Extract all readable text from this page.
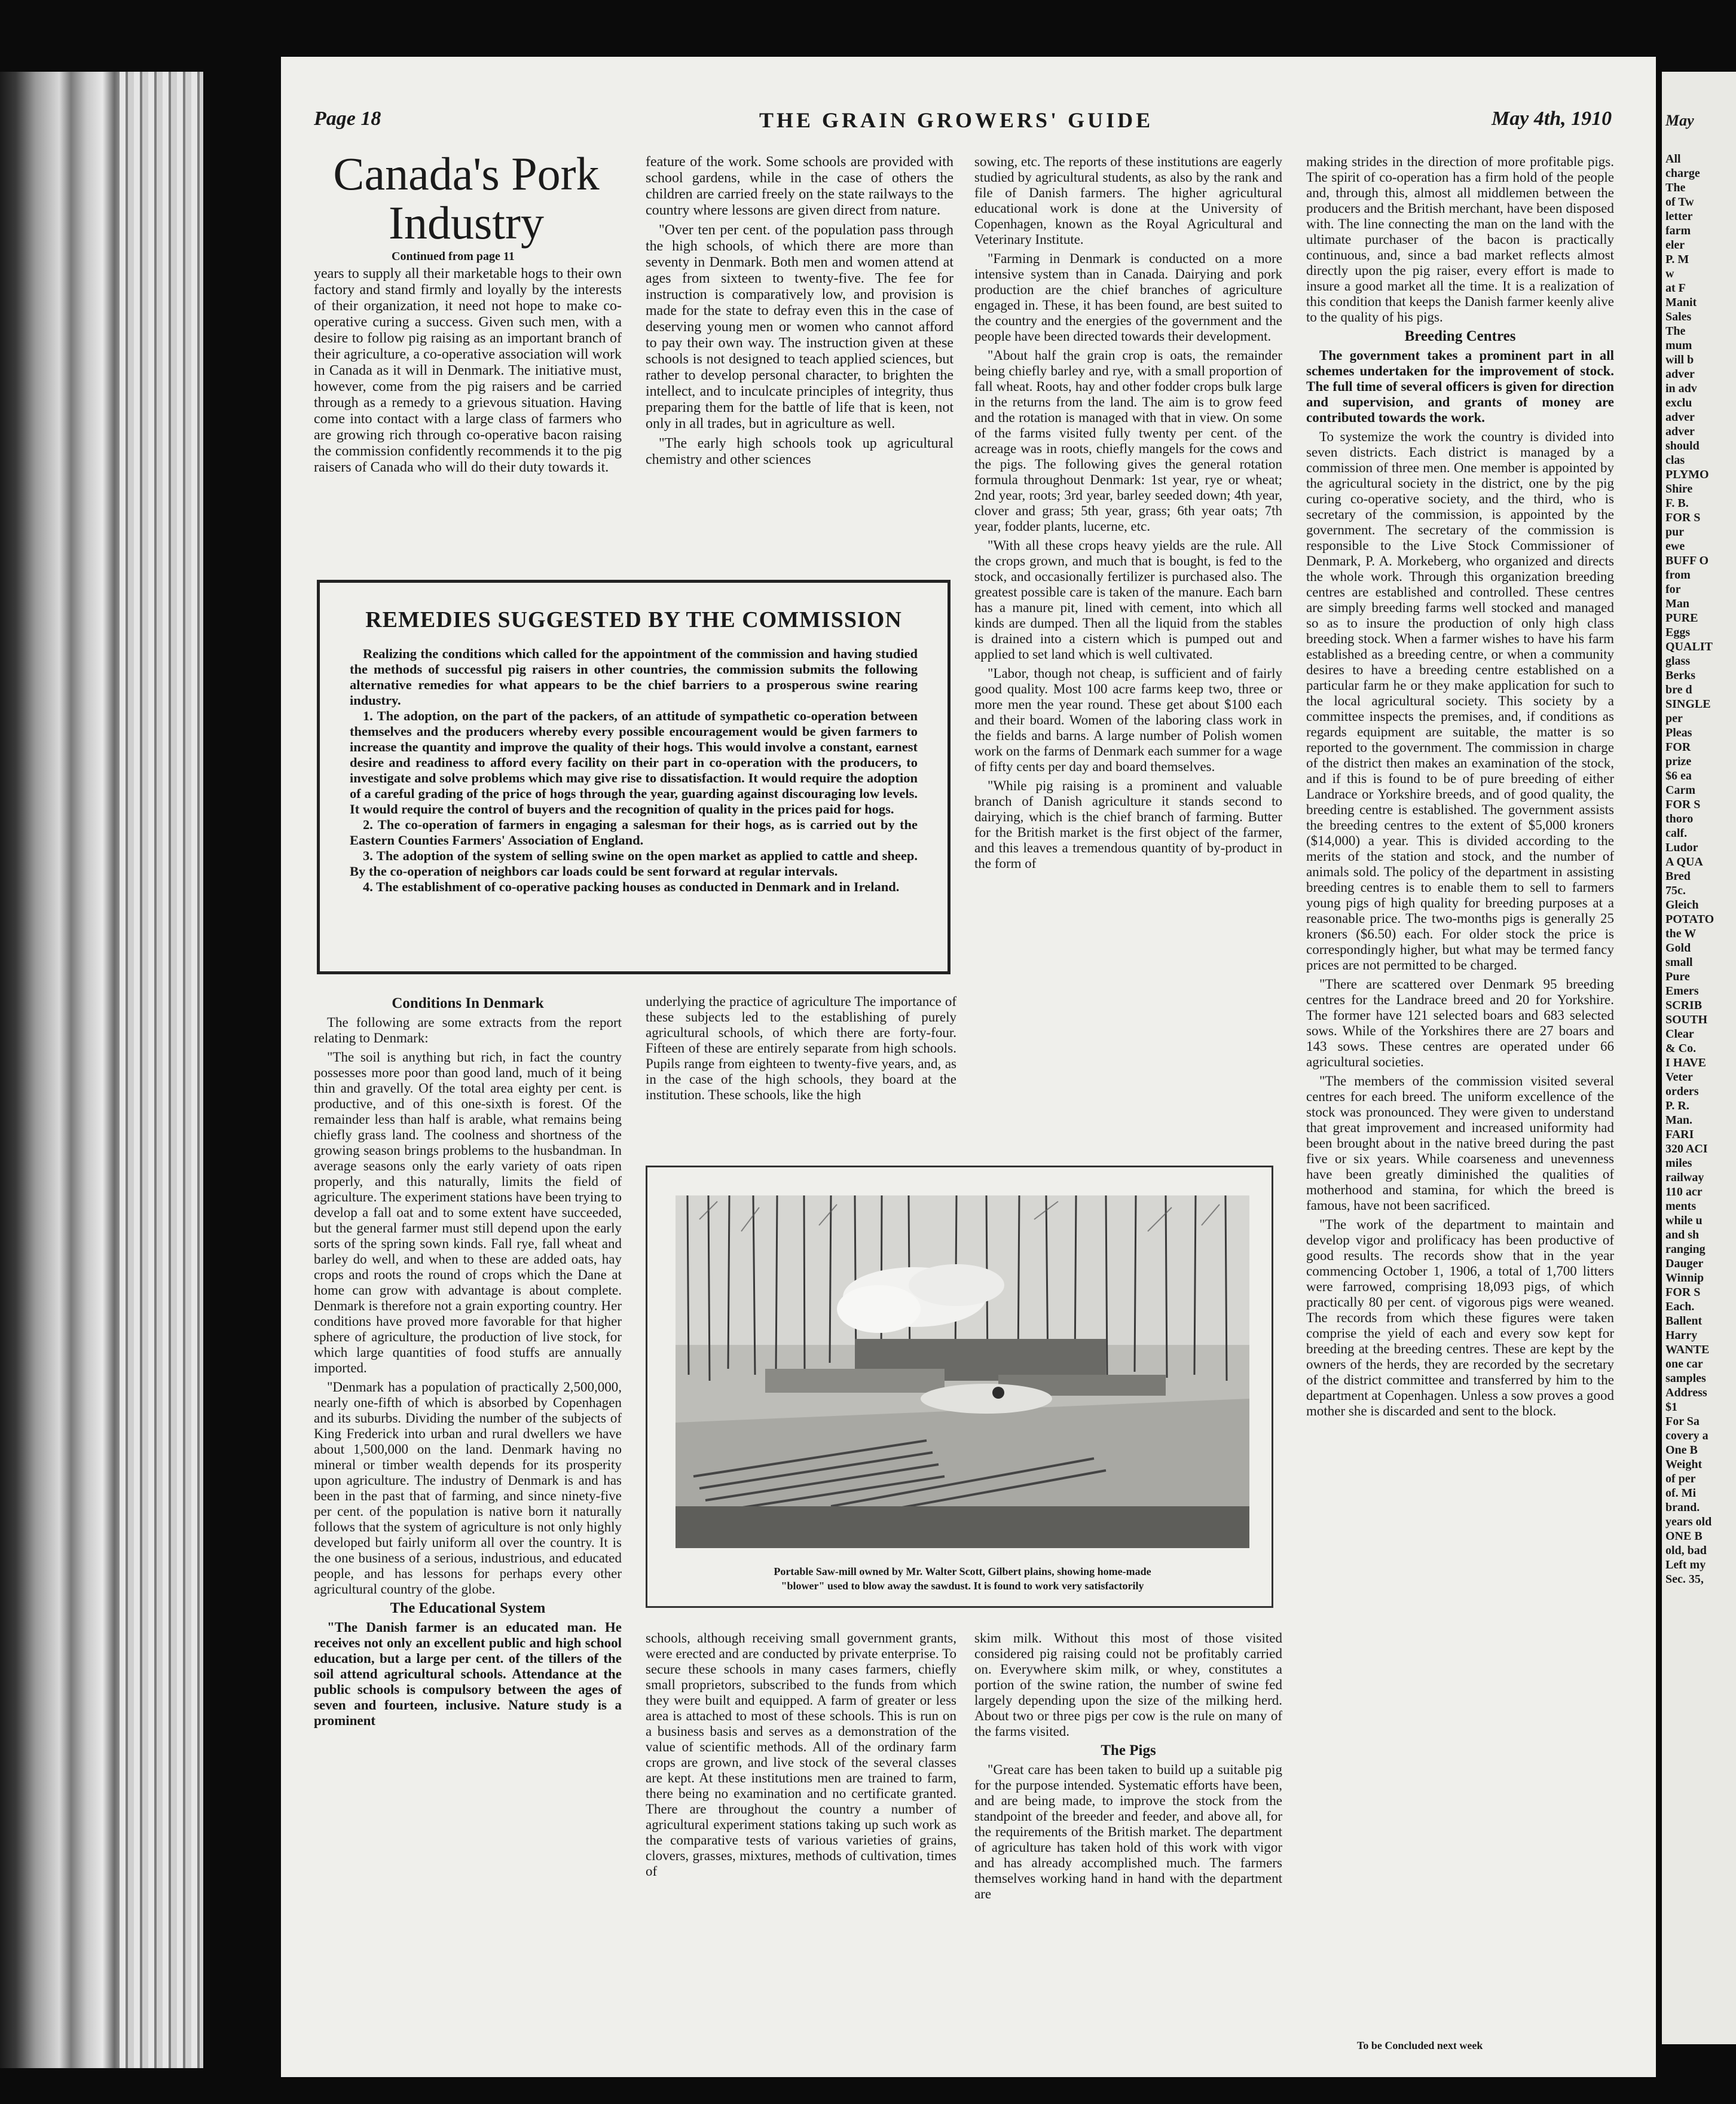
May
All
charge
The
of Tw
letter
farm
eler
P. M
w
at F
Manit
Sales
The
mum
will b
adver
in adv
exclu
adver
adver
should
clas
PLYMO
Shire
F. B.
FOR S
pur
ewe
BUFF O
from
for
Man
PURE
Eggs
QUALIT
glass
Berks
bre d
SINGLE
per
Pleas
FOR
prize
$6 ea
Carm
FOR S
thoro
calf.
Ludor
A QUA
Bred
75c.
Gleich
POTATO
the W
Gold
small
Pure
Emers
SCRIB
SOUTH
Clear
& Co.
I HAVE
Veter
orders
P. R.
Man.
FARI
320 ACI
miles
railway
110 acr
ments
while u
and sh
ranging
Dauger
Winnip
FOR S
Each.
Ballent
Harry
WANTE
one car
samples
Address
$1
For Sa
covery a
One B
Weight
of per
of. Mi
brand.
years old
ONE B
old, bad
Left my
Sec. 35,
Page 18	THE GRAIN GROWERS' GUIDE	May 4th, 1910
Canada's Pork Industry
Continued from page 11

years to supply all their marketable hogs to their own factory and stand firmly and loyally by the interests of their organization, it need not hope to make co-operative curing a success. Given such men, with a desire to follow pig raising as an important branch of their agriculture, a co-operative association will work in Canada as it will in Denmark. The initiative must, however, come from the pig raisers and be carried through as a remedy to a grievous situation. Having come into contact with a large class of farmers who are growing rich through co-operative bacon raising the commission confidently recommends it to the pig raisers of Canada who will do their duty towards it.

feature of the work. Some schools are provided with school gardens, while in the case of others the children are carried freely on the state railways to the country where lessons are given direct from nature.

"Over ten per cent. of the population pass through the high schools, of which there are more than seventy in Denmark. Both men and women attend at ages from sixteen to twenty-five. The fee for instruction is comparatively low, and provision is made for the state to defray even this in the case of deserving young men or women who cannot afford to pay their own way. The instruction given at these schools is not designed to teach applied sciences, but rather to develop personal character, to brighten the intellect, and to inculcate principles of integrity, thus preparing them for the battle of life that is keen, not only in all trades, but in agriculture as well.

"The early high schools took up agricultural chemistry and other sciences

sowing, etc. The reports of these institutions are eagerly studied by agricultural students, as also by the rank and file of Danish farmers. The higher agricultural educational work is done at the University of Copenhagen, known as the Royal Agricultural and Veterinary Institute.

"Farming in Denmark is conducted on a more intensive system than in Canada. Dairying and pork production are the chief branches of agriculture engaged in. These, it has been found, are best suited to the country and the energies of the government and the people have been directed towards their development.

"About half the grain crop is oats, the remainder being chiefly barley and rye, with a small proportion of fall wheat. Roots, hay and other fodder crops bulk large in the returns from the land. The aim is to grow feed and the rotation is managed with that in view. On some of the farms visited fully twenty per cent. of the acreage was in roots, chiefly mangels for the cows and the pigs. The following gives the general rotation formula throughout Denmark: 1st year, rye or wheat; 2nd year, roots; 3rd year, barley seeded down; 4th year, clover and grass; 5th year, grass; 6th year oats; 7th year, fodder plants, lucerne, etc.

"With all these crops heavy yields are the rule. All the crops grown, and much that is bought, is fed to the stock, and occasionally fertilizer is purchased also. The greatest possible care is taken of the manure. Each barn has a manure pit, lined with cement, into which all kinds are dumped. Then all the liquid from the stables is drained into a cistern which is pumped out and applied to set land which is well cultivated.

"Labor, though not cheap, is sufficient and of fairly good quality. Most 100 acre farms keep two, three or more men the year round. These get about $100 each and their board. Women of the laboring class work in the fields and barns. A large number of Polish women work on the farms of Denmark each summer for a wage of fifty cents per day and board themselves.

"While pig raising is a prominent and valuable branch of Danish agriculture it stands second to dairying, which is the chief branch of farming. Butter for the British market is the first object of the farmer, and this leaves a tremendous quantity of by-product in the form of

making strides in the direction of more profitable pigs. The spirit of co-operation has a firm hold of the people and, through this, almost all middlemen between the producers and the British merchant, have been disposed with. The line connecting the man on the land with the ultimate purchaser of the bacon is practically continuous, and, since a bad market reflects almost directly upon the pig raiser, every effort is made to insure a good market all the time. It is a realization of this condition that keeps the Danish farmer keenly alive to the quality of his pigs.

Breeding Centres

The government takes a prominent part in all schemes undertaken for the improvement of stock. The full time of several officers is given for direction and supervision, and grants of money are contributed towards the work.

To systemize the work the country is divided into seven districts. Each district is managed by a commission of three men. One member is appointed by the agricultural society in the district, one by the pig curing co-operative society, and the third, who is secretary of the commission, is appointed by the government. The secretary of the commission is responsible to the Live Stock Commissioner of Denmark, P. A. Morkeberg, who organized and directs the whole work. Through this organization breeding centres are established and controlled. These centres are simply breeding farms well stocked and managed so as to insure the production of only high class breeding stock. When a farmer wishes to have his farm established as a breeding centre, or when a community desires to have a breeding centre established on a particular farm he or they make application for such to the local agricultural society. This society by a committee inspects the premises, and, if conditions as regards equipment are suitable, the matter is so reported to the government. The commission in charge of the district then makes an examination of the stock, and if this is found to be of pure breeding of either Landrace or Yorkshire breeds, and of good quality, the breeding centre is established. The government assists the breeding centres to the extent of $5,000 kroners ($14,000) a year. This is divided according to the merits of the station and stock, and the number of animals sold. The policy of the department in assisting breeding centres is to enable them to sell to farmers young pigs of high quality for breeding purposes at a reasonable price. The two-months pigs is generally 25 kroners ($6.50) each. For older stock the price is correspondingly higher, but what may be termed fancy prices are not permitted to be charged.

"There are scattered over Denmark 95 breeding centres for the Landrace breed and 20 for Yorkshire. The former have 121 selected boars and 683 selected sows. While of the Yorkshires there are 27 boars and 143 sows. These centres are operated under 66 agricultural societies.

"The members of the commission visited several centres for each breed. The uniform excellence of the stock was pronounced. They were given to understand that great improvement and increased uniformity had been brought about in the native breed during the past five or six years. While coarseness and unevenness have been greatly diminished the qualities of motherhood and stamina, for which the breed is famous, have not been sacrificed.

"The work of the department to maintain and develop vigor and prolificacy has been productive of good results. The records show that in the year commencing October 1, 1906, a total of 1,700 litters were farrowed, comprising 18,093 pigs, of which practically 80 per cent. of vigorous pigs were weaned. The records from which these figures were taken comprise the yield of each and every sow kept for breeding at the breeding centres. These are kept by the owners of the herds, they are recorded by the secretary of the district committee and transferred by him to the department at Copenhagen. Unless a sow proves a good mother she is discarded and sent to the block.

REMEDIES SUGGESTED BY THE COMMISSION

Realizing the conditions which called for the appointment of the commission and having studied the methods of successful pig raisers in other countries, the commission submits the following alternative remedies for what appears to be the chief barriers to a prosperous swine rearing industry.

1. The adoption, on the part of the packers, of an attitude of sympathetic co-operation between themselves and the producers whereby every possible encouragement would be given farmers to increase the quantity and improve the quality of their hogs. This would involve a constant, earnest desire and readiness to afford every facility on their part in co-operation with the producers, to investigate and solve problems which may give rise to dissatisfaction. It would require the adoption of a careful grading of the price of hogs through the year, guarding against discouraging low levels. It would require the control of buyers and the recognition of quality in the prices paid for hogs.

2. The co-operation of farmers in engaging a salesman for their hogs, as is carried out by the Eastern Counties Farmers' Association of England.

3. The adoption of the system of selling swine on the open market as applied to cattle and sheep. By the co-operation of neighbors car loads could be sent forward at regular intervals.

4. The establishment of co-operative packing houses as conducted in Denmark and in Ireland.

Conditions In Denmark

The following are some extracts from the report relating to Denmark:

"The soil is anything but rich, in fact the country possesses more poor than good land, much of it being thin and gravelly. Of the total area eighty per cent. is productive, and of this one-sixth is forest. Of the remainder less than half is arable, what remains being chiefly grass land. The coolness and shortness of the growing season brings problems to the husbandman. In average seasons only the early variety of oats ripen properly, and this naturally, limits the field of agriculture. The experiment stations have been trying to develop a fall oat and to some extent have succeeded, but the general farmer must still depend upon the early sorts of the spring sown kinds. Fall rye, fall wheat and barley do well, and when to these are added oats, hay crops and roots the round of crops which the Dane at home can grow with advantage is about complete. Denmark is therefore not a grain exporting country. Her conditions have proved more favorable for that higher sphere of agriculture, the production of live stock, for which large quantities of food stuffs are annually imported.

"Denmark has a population of practically 2,500,000, nearly one-fifth of which is absorbed by Copenhagen and its suburbs. Dividing the number of the subjects of King Frederick into urban and rural dwellers we have about 1,500,000 on the land. Denmark having no mineral or timber wealth depends for its prosperity upon agriculture. The industry of Denmark is and has been in the past that of farming, and since ninety-five per cent. of the population is native born it naturally follows that the system of agriculture is not only highly developed but fairly uniform all over the country. It is the one business of a serious, industrious, and educated people, and has lessons for perhaps every other agricultural country of the globe.

The Educational System

"The Danish farmer is an educated man. He receives not only an excellent public and high school education, but a large per cent. of the tillers of the soil attend agricultural schools. Attendance at the public schools is compulsory between the ages of seven and fourteen, inclusive. Nature study is a prominent

underlying the practice of agriculture The importance of these subjects led to the establishing of purely agricultural schools, of which there are forty-four. Fifteen of these are entirely separate from high schools. Pupils range from eighteen to twenty-five years, and, as in the case of the high schools, they board at the institution. These schools, like the high

Portable Saw-mill owned by Mr. Walter Scott, Gilbert plains, showing home-made
"blower" used to blow away the sawdust. It is found to work very satisfactorily

schools, although receiving small government grants, were erected and are conducted by private enterprise. To secure these schools in many cases farmers, chiefly small proprietors, subscribed to the funds from which they were built and equipped. A farm of greater or less area is attached to most of these schools. This is run on a business basis and serves as a demonstration of the value of scientific methods. All of the ordinary farm crops are grown, and live stock of the several classes are kept. At these institutions men are trained to farm, there being no examination and no certificate granted. There are throughout the country a number of agricultural experiment stations taking up such work as the comparative tests of various varieties of grains, clovers, grasses, mixtures, methods of cultivation, times of

skim milk. Without this most of those visited considered pig raising could not be profitably carried on. Everywhere skim milk, or whey, constitutes a portion of the swine ration, the number of swine fed largely depending upon the size of the milking herd. About two or three pigs per cow is the rule on many of the farms visited.

The Pigs

"Great care has been taken to build up a suitable pig for the purpose intended. Systematic efforts have been, and are being made, to improve the stock from the standpoint of the breeder and feeder, and above all, for the requirements of the British market. The department of agriculture has taken hold of this work with vigor and has already accomplished much. The farmers themselves working hand in hand with the department are

To be Concluded next week
